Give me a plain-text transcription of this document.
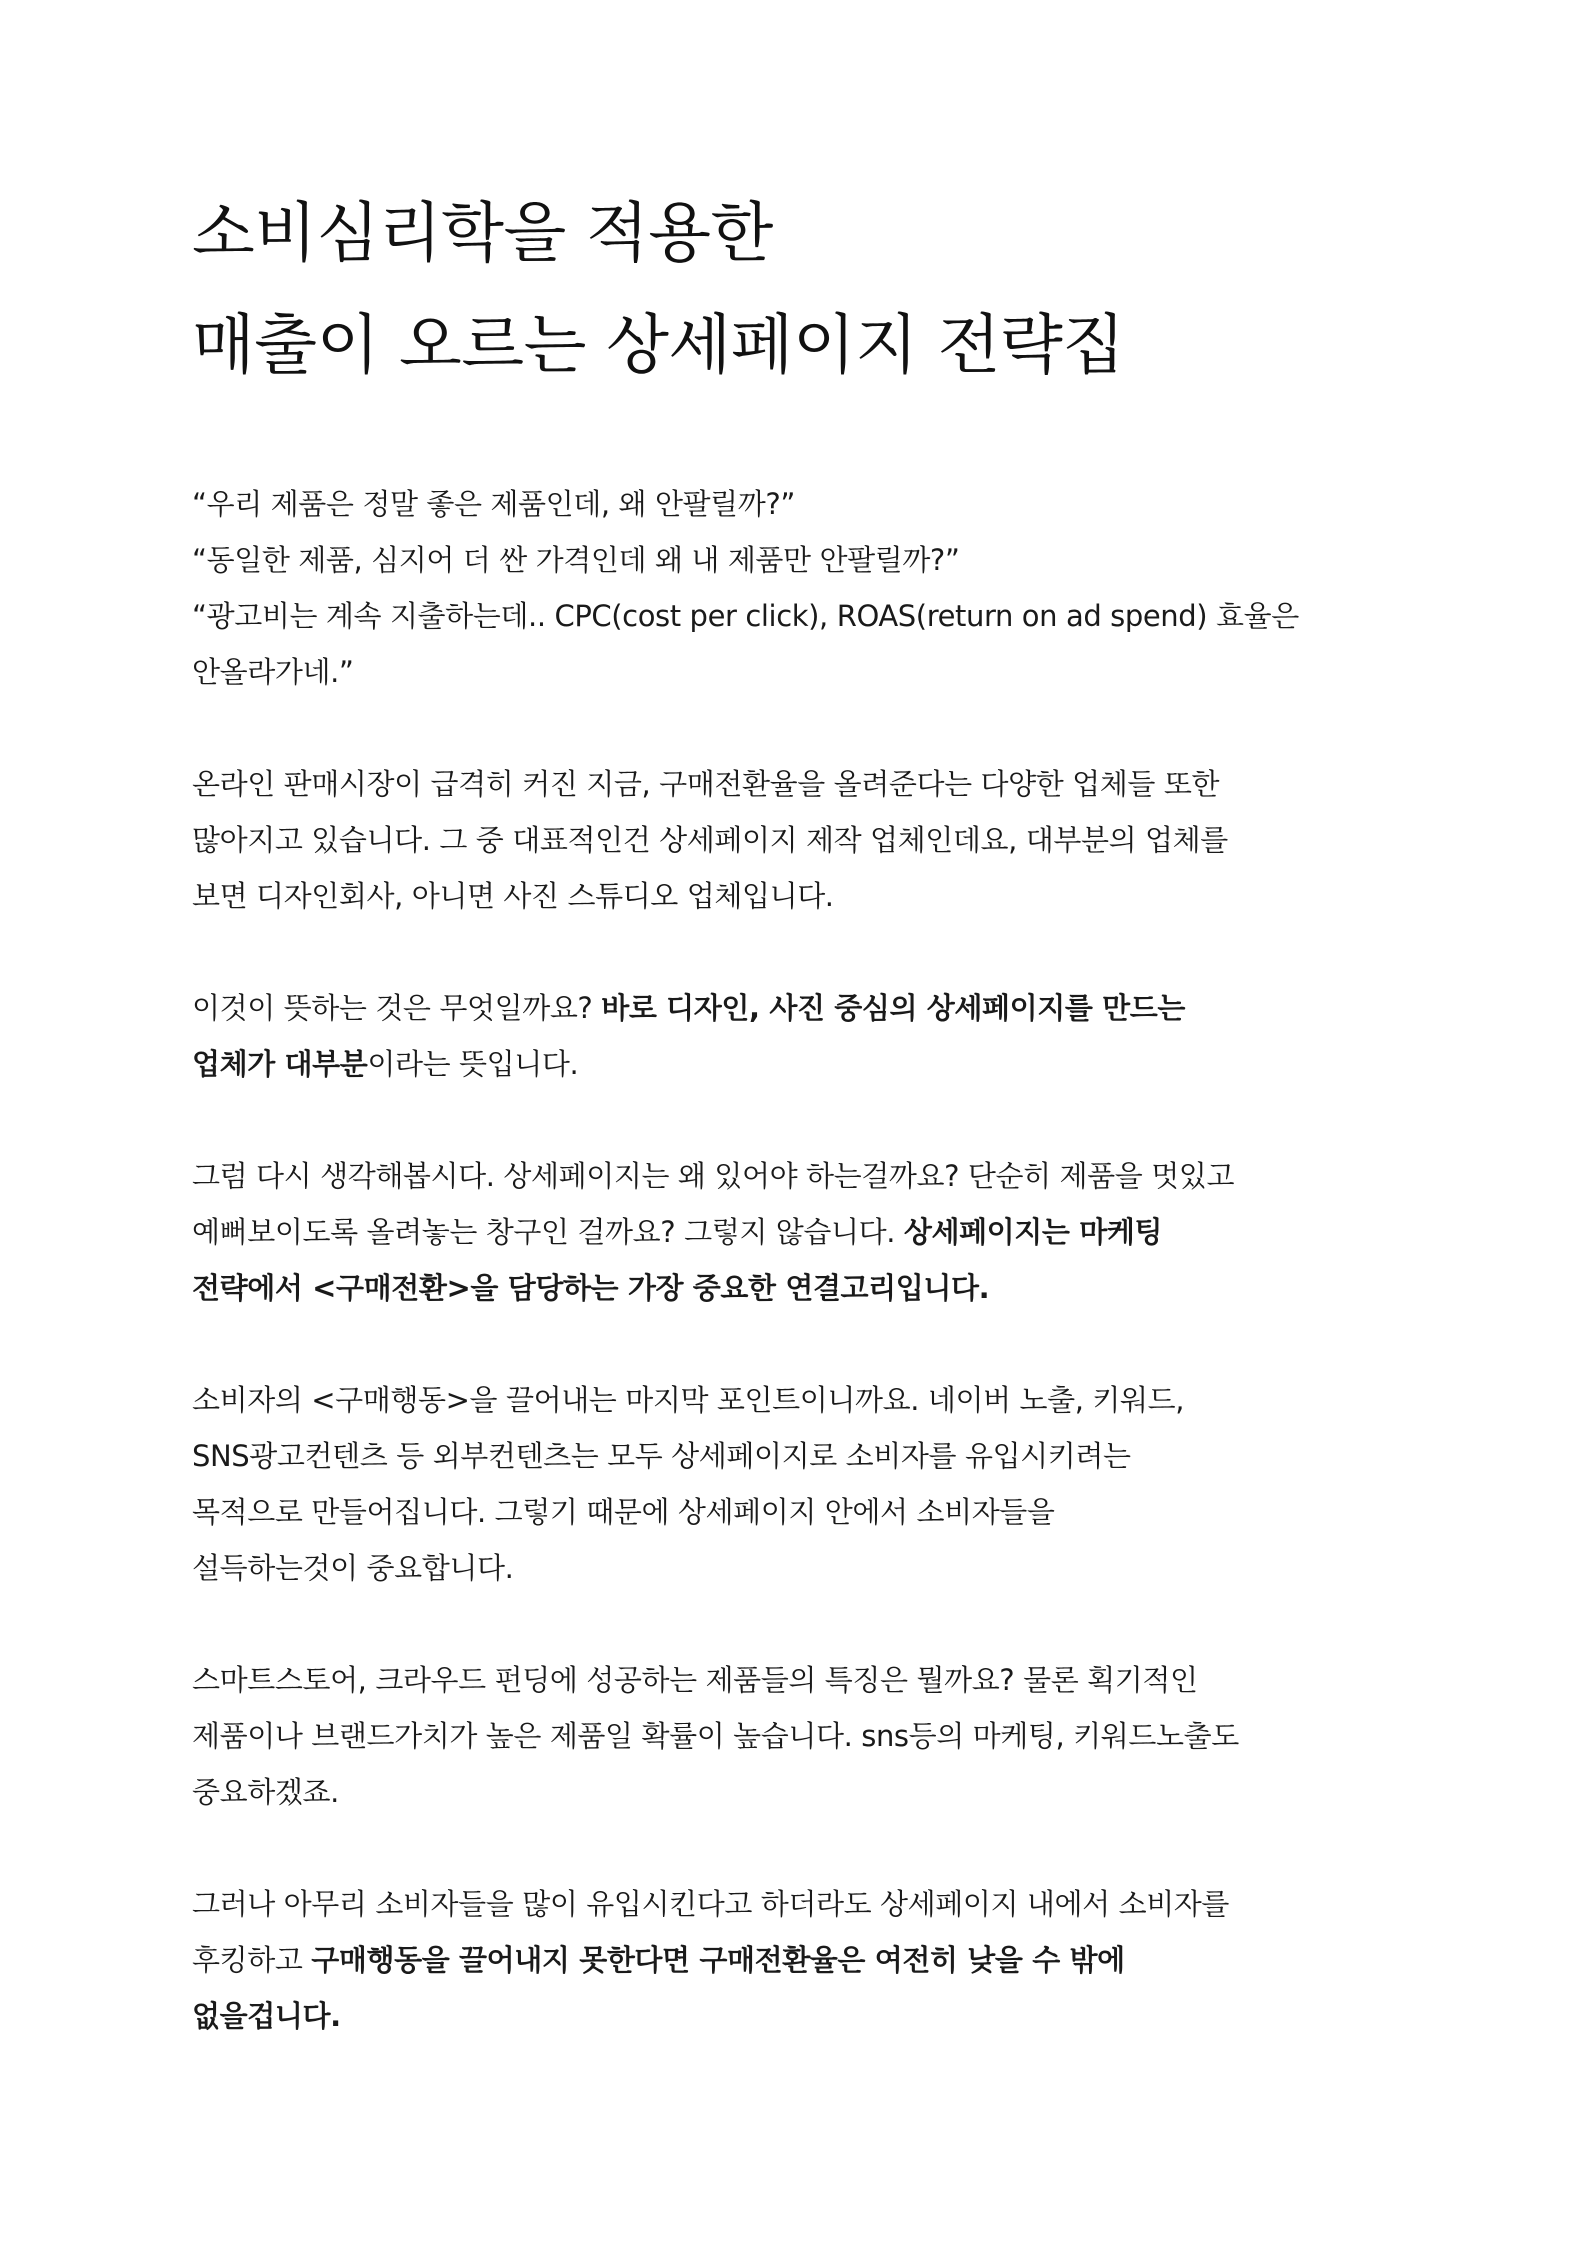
소비심리학을 적용한
매출이 오르는 상세페이지 전략집

“우리 제품은 정말 좋은 제품인데, 왜 안팔릴까?”
“동일한 제품, 심지어 더 싼 가격인데 왜 내 제품만 안팔릴까?”
“광고비는 계속 지출하는데.. CPC(cost per click), ROAS(return on ad spend) 효율은
안올라가네.”

온라인 판매시장이 급격히 커진 지금, 구매전환율을 올려준다는 다양한 업체들 또한
많아지고 있습니다. 그 중 대표적인건 상세페이지 제작 업체인데요, 대부분의 업체를
보면 디자인회사, 아니면 사진 스튜디오 업체입니다.

이것이 뜻하는 것은 무엇일까요? 바로 디자인, 사진 중심의 상세페이지를 만드는
업체가 대부분이라는 뜻입니다.

그럼 다시 생각해봅시다. 상세페이지는 왜 있어야 하는걸까요? 단순히 제품을 멋있고
예뻐보이도록 올려놓는 창구인 걸까요? 그렇지 않습니다. 상세페이지는 마케팅
전략에서 <구매전환>을 담당하는 가장 중요한 연결고리입니다.

소비자의 <구매행동>을 끌어내는 마지막 포인트이니까요. 네이버 노출, 키워드,
SNS광고컨텐츠 등 외부컨텐츠는 모두 상세페이지로 소비자를 유입시키려는
목적으로 만들어집니다. 그렇기 때문에 상세페이지 안에서 소비자들을
설득하는것이 중요합니다.

스마트스토어, 크라우드 펀딩에 성공하는 제품들의 특징은 뭘까요? 물론 획기적인
제품이나 브랜드가치가 높은 제품일 확률이 높습니다. sns등의 마케팅, 키워드노출도
중요하겠죠.

그러나 아무리 소비자들을 많이 유입시킨다고 하더라도 상세페이지 내에서 소비자를
후킹하고 구매행동을 끌어내지 못한다면 구매전환율은 여전히 낮을 수 밖에
없을겁니다.
